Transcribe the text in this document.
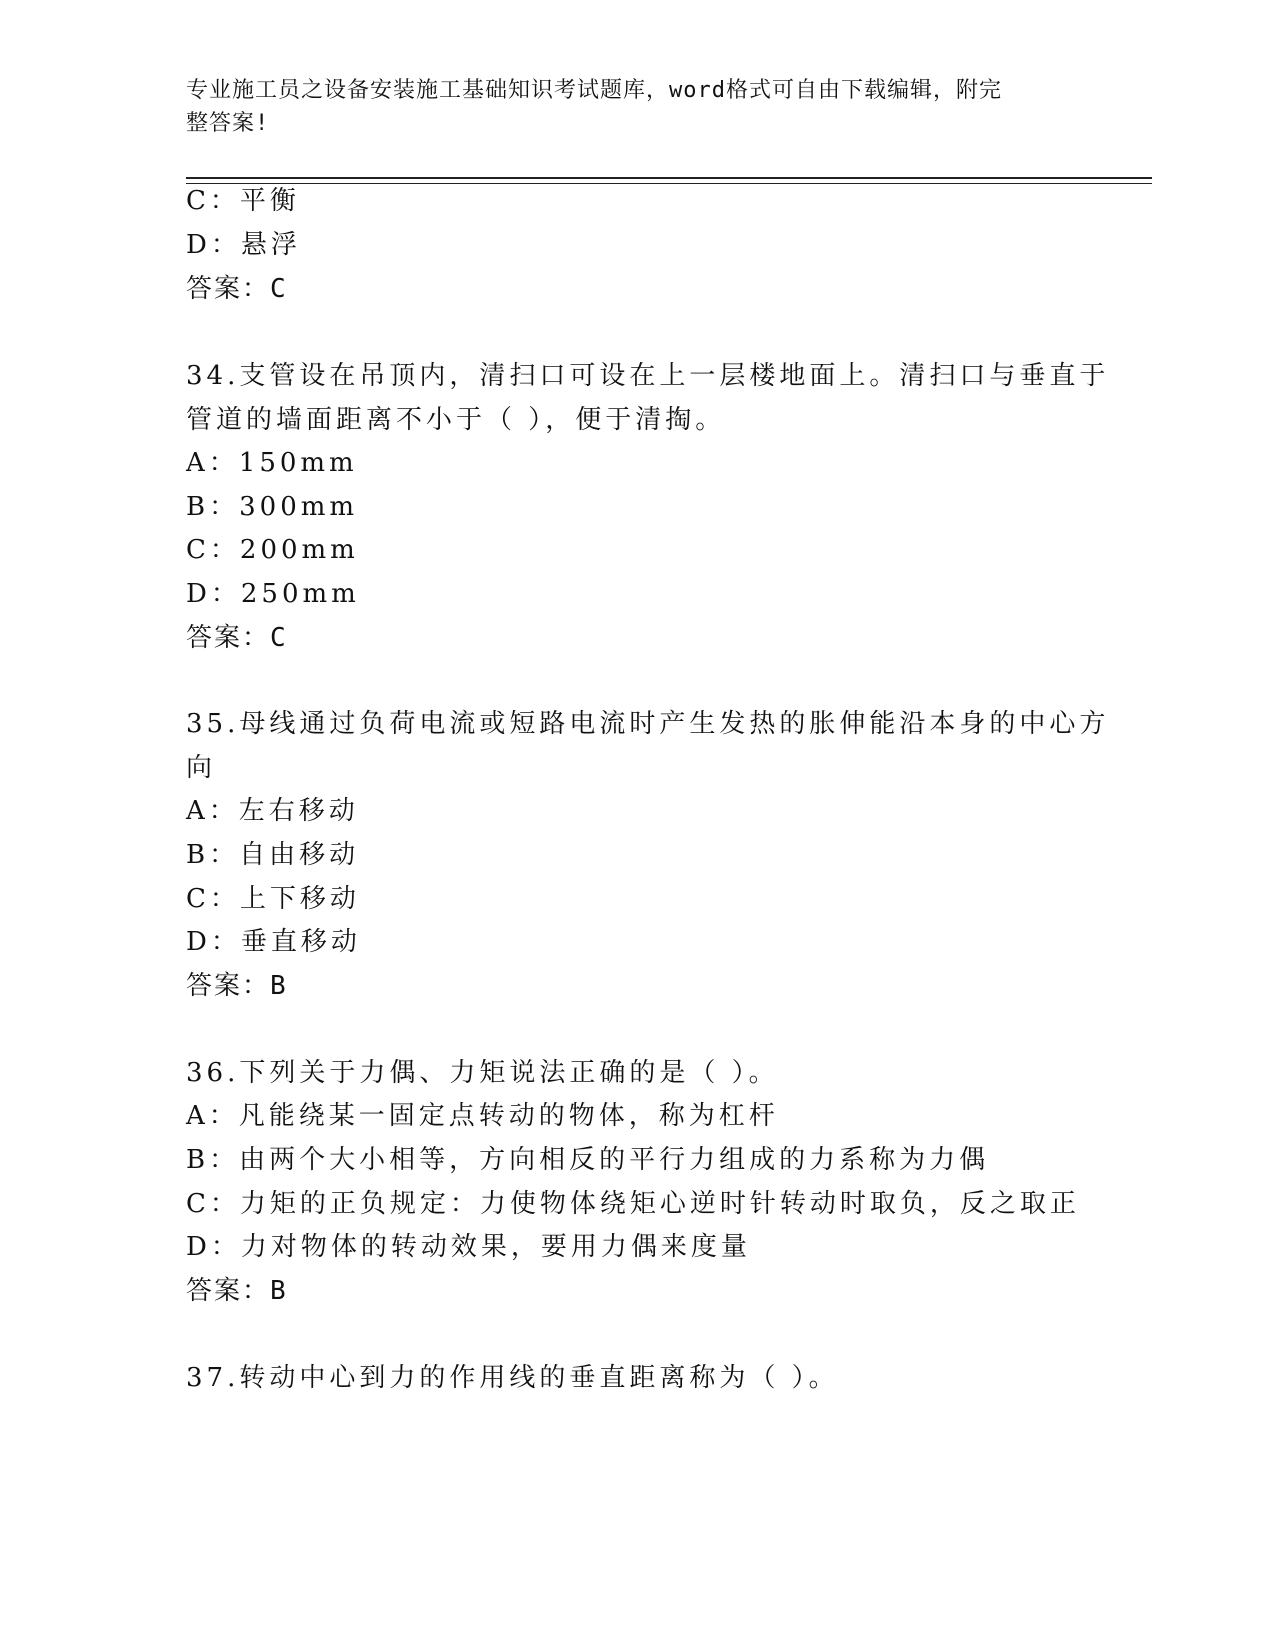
专业施工员之设备安装施工基础知识考试题库，word格式可自由下载编辑，附完
整答案!
C：平衡
D：悬浮
答案：C
34.支管设在吊顶内，清扫口可设在上一层楼地面上。清扫口与垂直于
管道的墙面距离不小于（ ），便于清掏。
A：150mm
B：300mm
C：200mm
D：250mm
答案：C
35.母线通过负荷电流或短路电流时产生发热的胀伸能沿本身的中心方
向
A：左右移动
B：自由移动
C：上下移动
D：垂直移动
答案：B
36.下列关于力偶、力矩说法正确的是（ ）。
A：凡能绕某一固定点转动的物体，称为杠杆
B：由两个大小相等，方向相反的平行力组成的力系称为力偶
C：力矩的正负规定：力使物体绕矩心逆时针转动时取负，反之取正
D：力对物体的转动效果，要用力偶来度量
答案：B
37.转动中心到力的作用线的垂直距离称为（ ）。
